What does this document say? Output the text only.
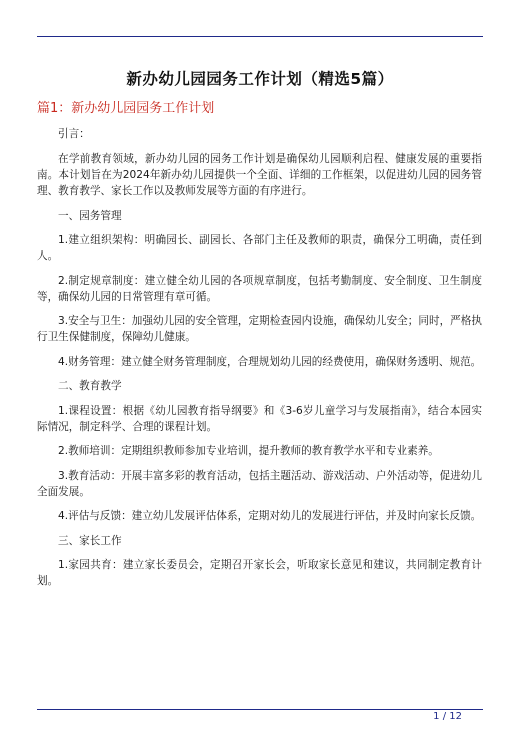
新办幼儿园园务工作计划（精选5篇）
篇1：新办幼儿园园务工作计划

引言：

在学前教育领域，新办幼儿园的园务工作计划是确保幼儿园顺利启程、健康发展的重要指南。本计划旨在为2024年新办幼儿园提供一个全面、详细的工作框架，以促进幼儿园的园务管理、教育教学、家长工作以及教师发展等方面的有序进行。

一、园务管理

1.建立组织架构：明确园长、副园长、各部门主任及教师的职责，确保分工明确，责任到人。

2.制定规章制度：建立健全幼儿园的各项规章制度，包括考勤制度、安全制度、卫生制度等，确保幼儿园的日常管理有章可循。

3.安全与卫生：加强幼儿园的安全管理，定期检查园内设施，确保幼儿安全；同时，严格执行卫生保健制度，保障幼儿健康。

4.财务管理：建立健全财务管理制度，合理规划幼儿园的经费使用，确保财务透明、规范。

二、教育教学

1.课程设置：根据《幼儿园教育指导纲要》和《3-6岁儿童学习与发展指南》，结合本园实际情况，制定科学、合理的课程计划。

2.教师培训：定期组织教师参加专业培训，提升教师的教育教学水平和专业素养。

3.教育活动：开展丰富多彩的教育活动，包括主题活动、游戏活动、户外活动等，促进幼儿全面发展。

4.评估与反馈：建立幼儿发展评估体系，定期对幼儿的发展进行评估，并及时向家长反馈。

三、家长工作

1.家园共育：建立家长委员会，定期召开家长会，听取家长意见和建议，共同制定教育计划。

1 / 12
